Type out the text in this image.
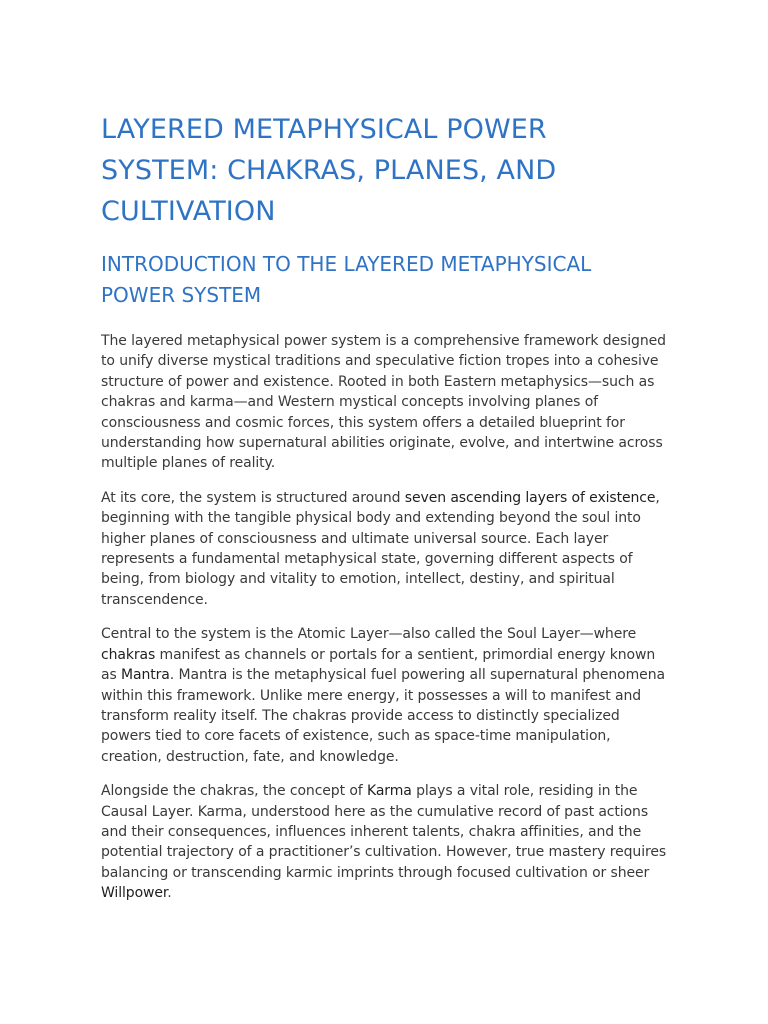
LAYERED METAPHYSICAL POWER SYSTEM: CHAKRAS, PLANES, AND CULTIVATION
INTRODUCTION TO THE LAYERED METAPHYSICAL POWER SYSTEM

The layered metaphysical power system is a comprehensive framework designed to unify diverse mystical traditions and speculative fiction tropes into a cohesive structure of power and existence. Rooted in both Eastern metaphysics—such as chakras and karma—and Western mystical concepts involving planes of consciousness and cosmic forces, this system offers a detailed blueprint for understanding how supernatural abilities originate, evolve, and intertwine across multiple planes of reality.

At its core, the system is structured around seven ascending layers of existence, beginning with the tangible physical body and extending beyond the soul into higher planes of consciousness and ultimate universal source. Each layer represents a fundamental metaphysical state, governing different aspects of being, from biology and vitality to emotion, intellect, destiny, and spiritual transcendence.

Central to the system is the Atomic Layer—also called the Soul Layer—where chakras manifest as channels or portals for a sentient, primordial energy known as Mantra. Mantra is the metaphysical fuel powering all supernatural phenomena within this framework. Unlike mere energy, it possesses a will to manifest and transform reality itself. The chakras provide access to distinctly specialized powers tied to core facets of existence, such as space-time manipulation, creation, destruction, fate, and knowledge.

Alongside the chakras, the concept of Karma plays a vital role, residing in the Causal Layer. Karma, understood here as the cumulative record of past actions and their consequences, influences inherent talents, chakra affinities, and the potential trajectory of a practitioner’s cultivation. However, true mastery requires balancing or transcending karmic imprints through focused cultivation or sheer Willpower.
